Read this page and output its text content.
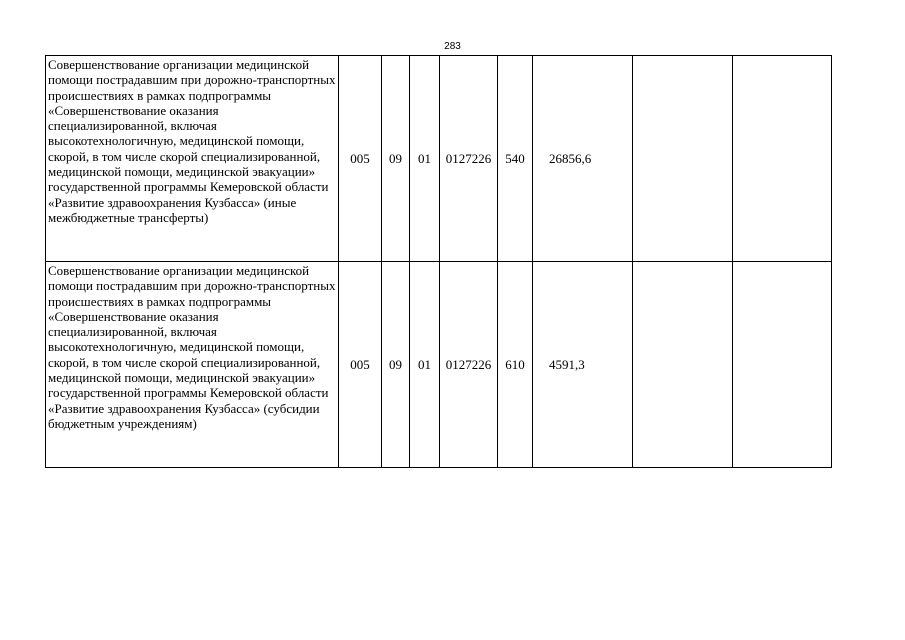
283
Совершенствование организации медицинской помощи пострадавшим при дорожно-транспортных происшествиях в рамках подпрограммы «Совершенствование оказания специализированной, включая высокотехнологичную, медицинской помощи, скорой, в том числе скорой специализированной, медицинской помощи, медицинской эвакуации» государственной программы Кемеровской области «Развитие здравоохранения Кузбасса» (иные межбюджетные трансферты)	005	09	01	0127226	540	26856,6		
Совершенствование организации медицинской помощи пострадавшим при дорожно-транспортных происшествиях в рамках подпрограммы «Совершенствование оказания специализированной, включая высокотехнологичную, медицинской помощи, скорой, в том числе скорой специализированной, медицинской помощи, медицинской эвакуации» государственной программы Кемеровской области «Развитие здравоохранения Кузбасса» (субсидии бюджетным учреждениям)	005	09	01	0127226	610	4591,3		
